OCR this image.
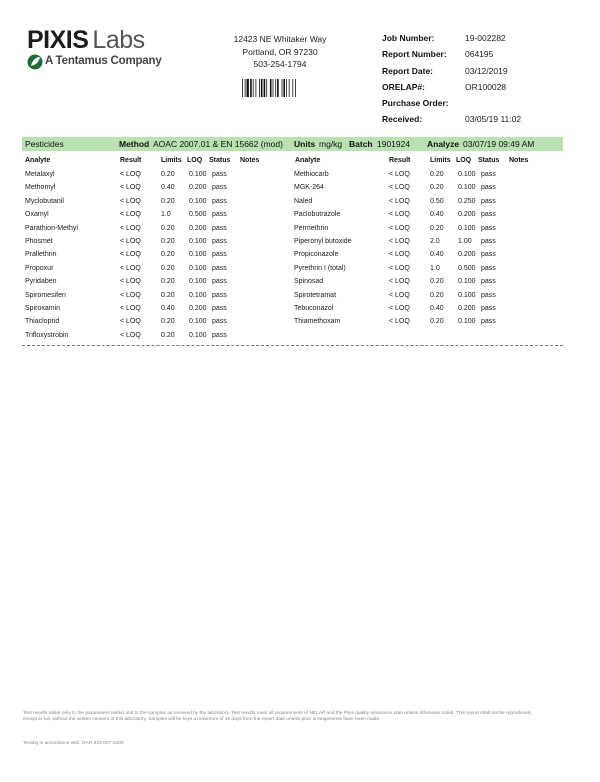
PIXIS Labs
A Tentamus Company
12423 NE Whitaker Way
Portland, OR 97230
503-254-1794
Job Number:	19-002282
Report Number: 064195
Report Date:	03/12/2019
ORELAP#:	OR100028
Purchase Order:
Received:	03/05/19 11:02
Pesticides	Method AOAC 2007.01 & EN 15662 (mod) Units mg/kg Batch 1901924 Analyze 03/07/19 09:49 AM
Analyte	Result	Limits LOQ Status Notes	Analyte	Result	Limits LOQ Status Notes
Metalaxyl	< LOQ	0.20 0.100 pass
Methomyl	< LOQ	0.40 0.200 pass
Myclobutanil	< LOQ	0.20 0.100 pass
Oxamyl	< LOQ	1.0	0.500 pass
Parathion-Methyl	< LOQ	0.20 0.200 pass
Phosmet	< LOQ	0.20 0.100 pass
Prallethrin	< LOQ	0.20 0.100 pass
Propoxur	< LOQ	0.20 0.100 pass
Pyridaben	< LOQ	0.20 0.100 pass
Spiromesifen	< LOQ	0.20 0.100 pass
Spiroxamin	< LOQ	0.40 0.200 pass
Thiacloprid	< LOQ	0.20 0.100 pass
Trifloxystrobin	< LOQ	0.20 0.100 pass
Methiocarb	< LOQ	0.20 0.100 pass
MGK-264	< LOQ	0.20 0.100 pass
Naled	< LOQ	0.50 0.250 pass
Paclobutrazole	< LOQ	0.40 0.200 pass
Permethrin	< LOQ	0.20 0.100 pass
Piperonyl butoxide	< LOQ	2.0	1.00 pass
Propiconazole	< LOQ	0.40 0.200 pass
Pyrethrin I (total)	< LOQ	1.0	0.500 pass
Spinosad	< LOQ	0.20 0.100 pass
Spirotetramat	< LOQ	0.20 0.100 pass
Tebuconazol	< LOQ	0.40 0.200 pass
Thiamethoxam	< LOQ	0.20 0.100 pass
Test results relate only to the parameters tested and to the samples as received by the laboratory. Test results meet all requirements of NELAP and the Pixis quality assurance plan unless otherwise noted. This report shall not be reproduced, except in full, without the written consent of this laboratory. Samples will be kept a maximum of 15 days from the report date unless prior arrangements have been made.
Testing in accordance with: OAR 333-007-0400
